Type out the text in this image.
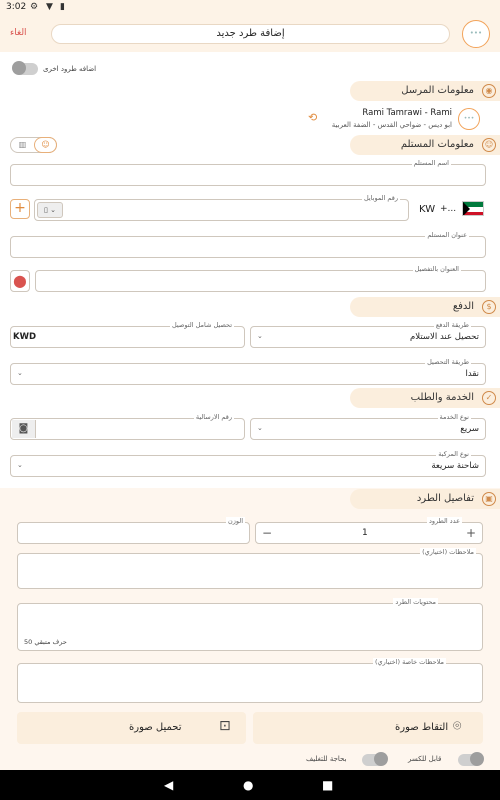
3:02 ⚙ ▼ ▮
الغاء	إضافة طرد جديد	•••
اضافه طرود اخرى
معلومات المرسل	◉
•••
Rami Tamrawi - Rami
ابو ديس - ضواحي القدس - الضفة العربية
⟲
معلومات المستلم	☺
▥	☺
اسم المستلم
+
رقم الموبايل
▯ ⌄	KW +...
عنوان المستلم
⬤
العنوان بالتفصيل
الدفع	$
طريقة الدفع
تحصيل عند الاستلام
⌄
تحصيل شامل التوصيل
KWD
طريقة التحصيل
نقدا
⌄
الخدمة والطلب	✓
نوع الخدمة
سريع
⌄
رقم الارسالية
◙
نوع المركبة
شاحنة سريعة
⌄
تفاصيل الطرد	▣
عدد الطرود
+
1
−
الوزن
ملاحظات (اختياري)
محتويات الطرد
50 حرف متبقي
ملاحظات خاصة (اختياري)
⊡
تحميل صورة	⌾
التقاط صورة
قابل للكسر
بحاجة للتغليف
◀	●	■
